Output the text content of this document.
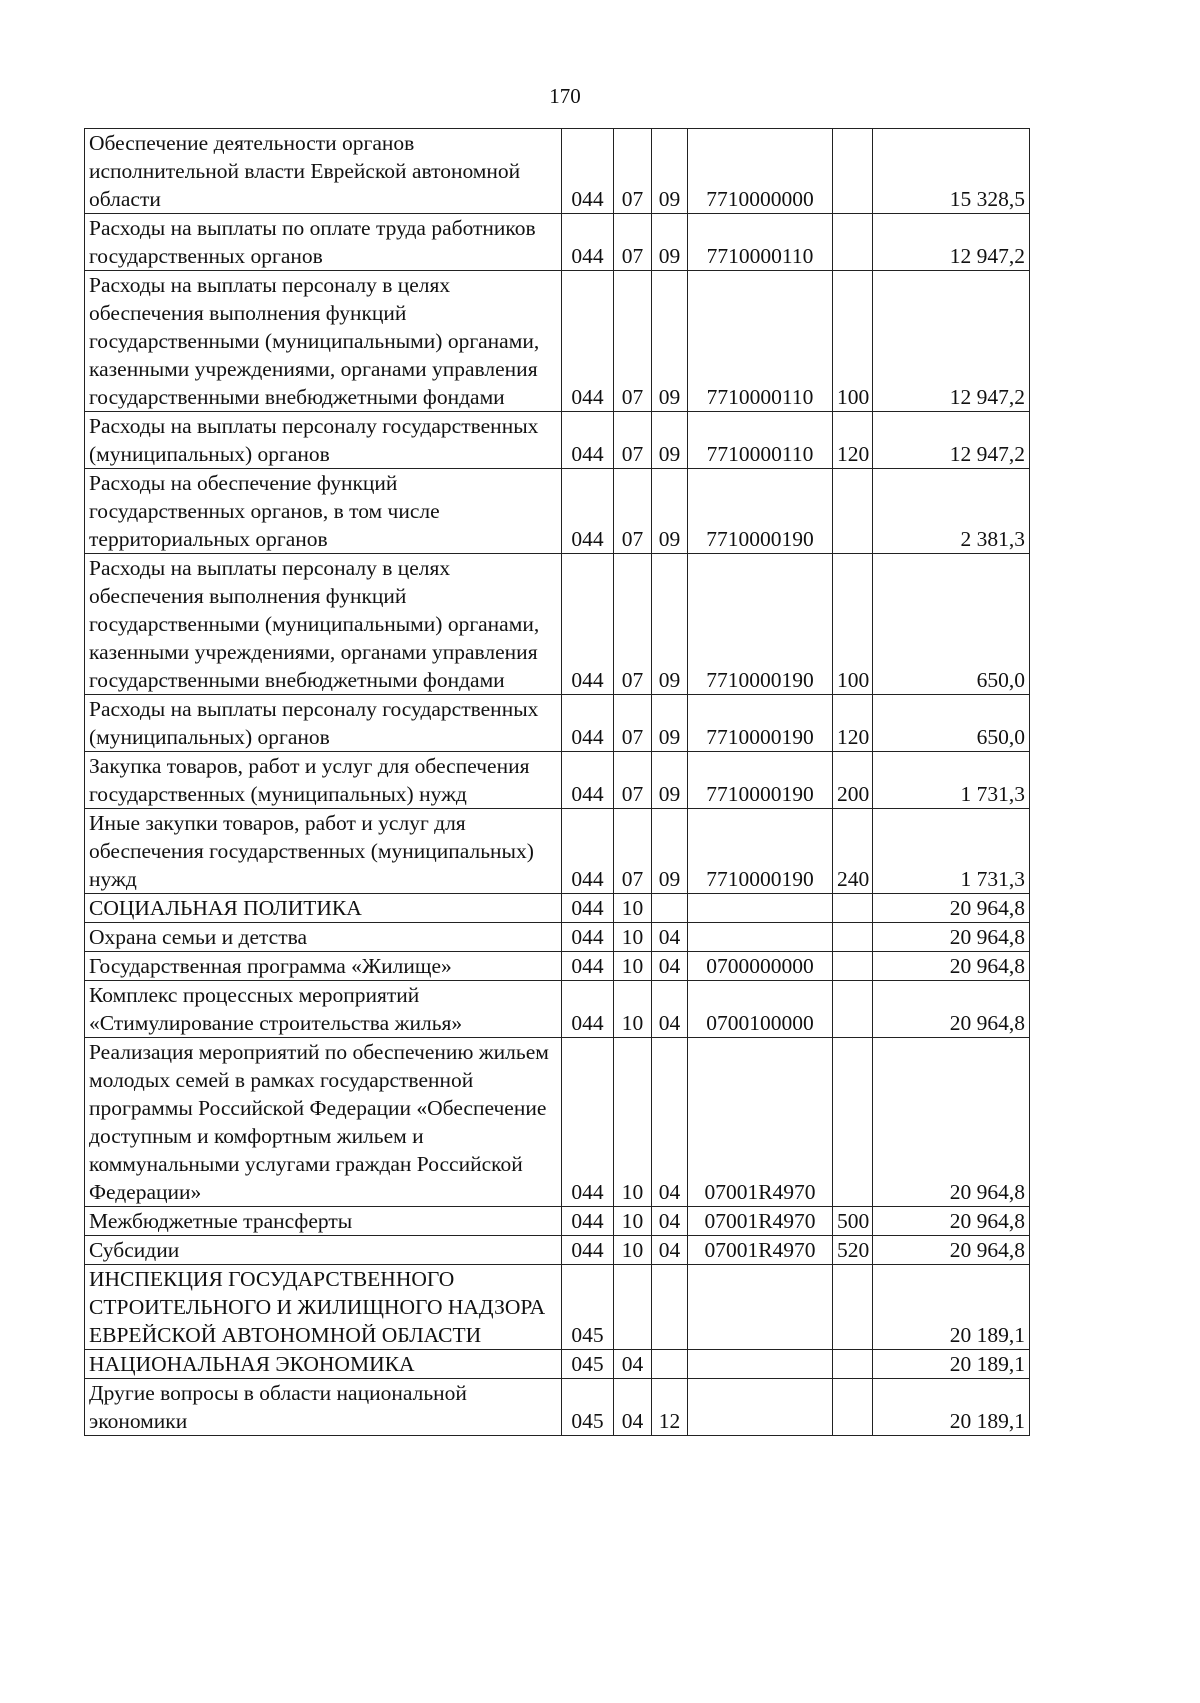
170
Обеспечение деятельности органов исполнительной власти Еврейской автономной области	044	07	09	7710000000		15 328,5
Расходы на выплаты по оплате труда работников государственных органов	044	07	09	7710000110		12 947,2
Расходы на выплаты персоналу в целях обеспечения выполнения функций государственными (муниципальными) органами, казенными учреждениями, органами управления государственными внебюджетными фондами	044	07	09	7710000110	100	12 947,2
Расходы на выплаты персоналу государственных (муниципальных) органов	044	07	09	7710000110	120	12 947,2
Расходы на обеспечение функций государственных органов, в том числе территориальных органов	044	07	09	7710000190		2 381,3
Расходы на выплаты персоналу в целях обеспечения выполнения функций государственными (муниципальными) органами, казенными учреждениями, органами управления государственными внебюджетными фондами	044	07	09	7710000190	100	650,0
Расходы на выплаты персоналу государственных (муниципальных) органов	044	07	09	7710000190	120	650,0
Закупка товаров, работ и услуг для обеспечения государственных (муниципальных) нужд	044	07	09	7710000190	200	1 731,3
Иные закупки товаров, работ и услуг для обеспечения государственных (муниципальных) нужд	044	07	09	7710000190	240	1 731,3
СОЦИАЛЬНАЯ ПОЛИТИКА	044	10				20 964,8
Охрана семьи и детства	044	10	04			20 964,8
Государственная программа «Жилище»	044	10	04	0700000000		20 964,8
Комплекс процессных мероприятий «Стимулирование строительства жилья»	044	10	04	0700100000		20 964,8
Реализация мероприятий по обеспечению жильем молодых семей в рамках государственной программы Российской Федерации «Обеспечение доступным и комфортным жильем и коммунальными услугами граждан Российской Федерации»	044	10	04	07001R4970		20 964,8
Межбюджетные трансферты	044	10	04	07001R4970	500	20 964,8
Субсидии	044	10	04	07001R4970	520	20 964,8
ИНСПЕКЦИЯ ГОСУДАРСТВЕННОГО СТРОИТЕЛЬНОГО И ЖИЛИЩНОГО НАДЗОРА ЕВРЕЙСКОЙ АВТОНОМНОЙ ОБЛАСТИ	045					20 189,1
НАЦИОНАЛЬНАЯ ЭКОНОМИКА	045	04				20 189,1
Другие вопросы в области национальной экономики	045	04	12			20 189,1
